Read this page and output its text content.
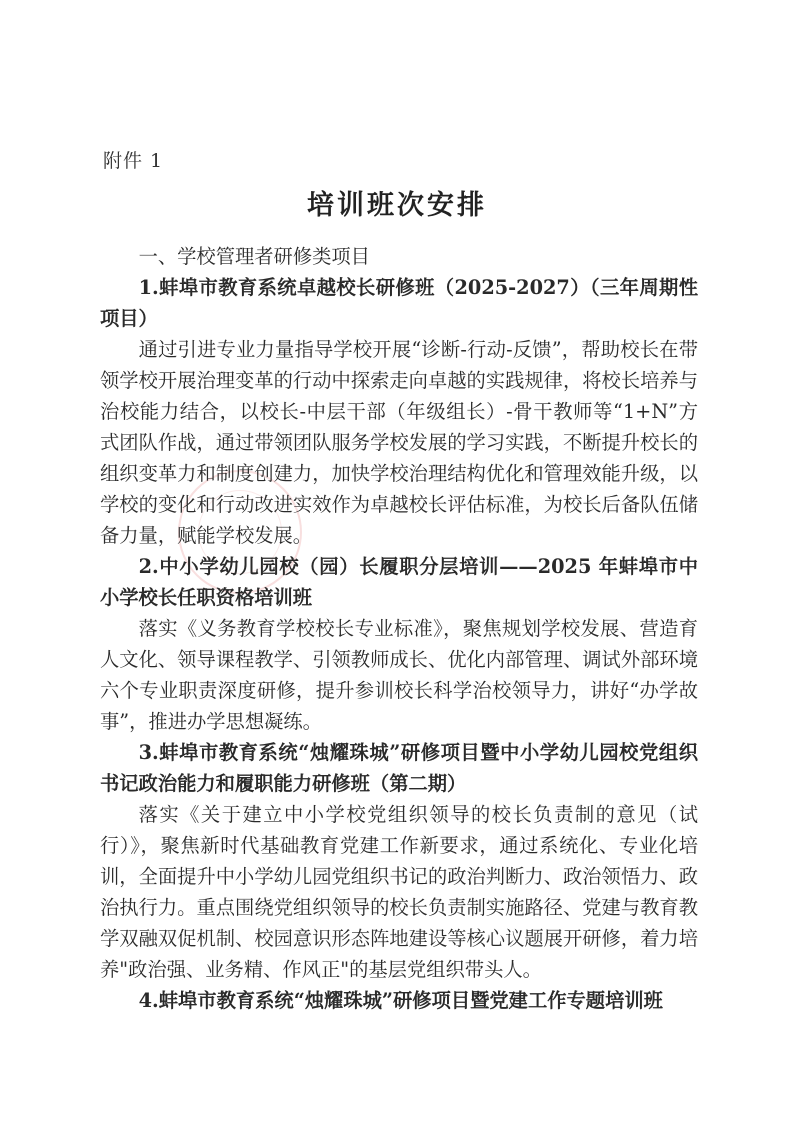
附件 1
培训班次安排

一、学校管理者研修类项目

1.蚌埠市教育系统卓越校长研修班（2025-2027）（三年周期性项目）

通过引进专业力量指导学校开展“诊断-行动-反馈”，帮助校长在带领学校开展治理变革的行动中探索走向卓越的实践规律，将校长培养与治校能力结合，以校长-中层干部（年级组长）-骨干教师等“1+N”方式团队作战，通过带领团队服务学校发展的学习实践，不断提升校长的组织变革力和制度创建力，加快学校治理结构优化和管理效能升级，以学校的变化和行动改进实效作为卓越校长评估标准，为校长后备队伍储备力量，赋能学校发展。

2.中小学幼儿园校（园）长履职分层培训——2025 年蚌埠市中小学校长任职资格培训班

落实《义务教育学校校长专业标准》，聚焦规划学校发展、营造育人文化、领导课程教学、引领教师成长、优化内部管理、调试外部环境六个专业职责深度研修，提升参训校长科学治校领导力，讲好“办学故事”，推进办学思想凝练。

3.蚌埠市教育系统“烛耀珠城”研修项目暨中小学幼儿园校党组织书记政治能力和履职能力研修班（第二期）

落实《关于建立中小学校党组织领导的校长负责制的意见（试行）》，聚焦新时代基础教育党建工作新要求，通过系统化、专业化培训，全面提升中小学幼儿园党组织书记的政治判断力、政治领悟力、政治执行力。重点围绕党组织领导的校长负责制实施路径、党建与教育教学双融双促机制、校园意识形态阵地建设等核心议题展开研修，着力培养"政治强、业务精、作风正"的基层党组织带头人。

4.蚌埠市教育系统“烛耀珠城”研修项目暨党建工作专题培训班
